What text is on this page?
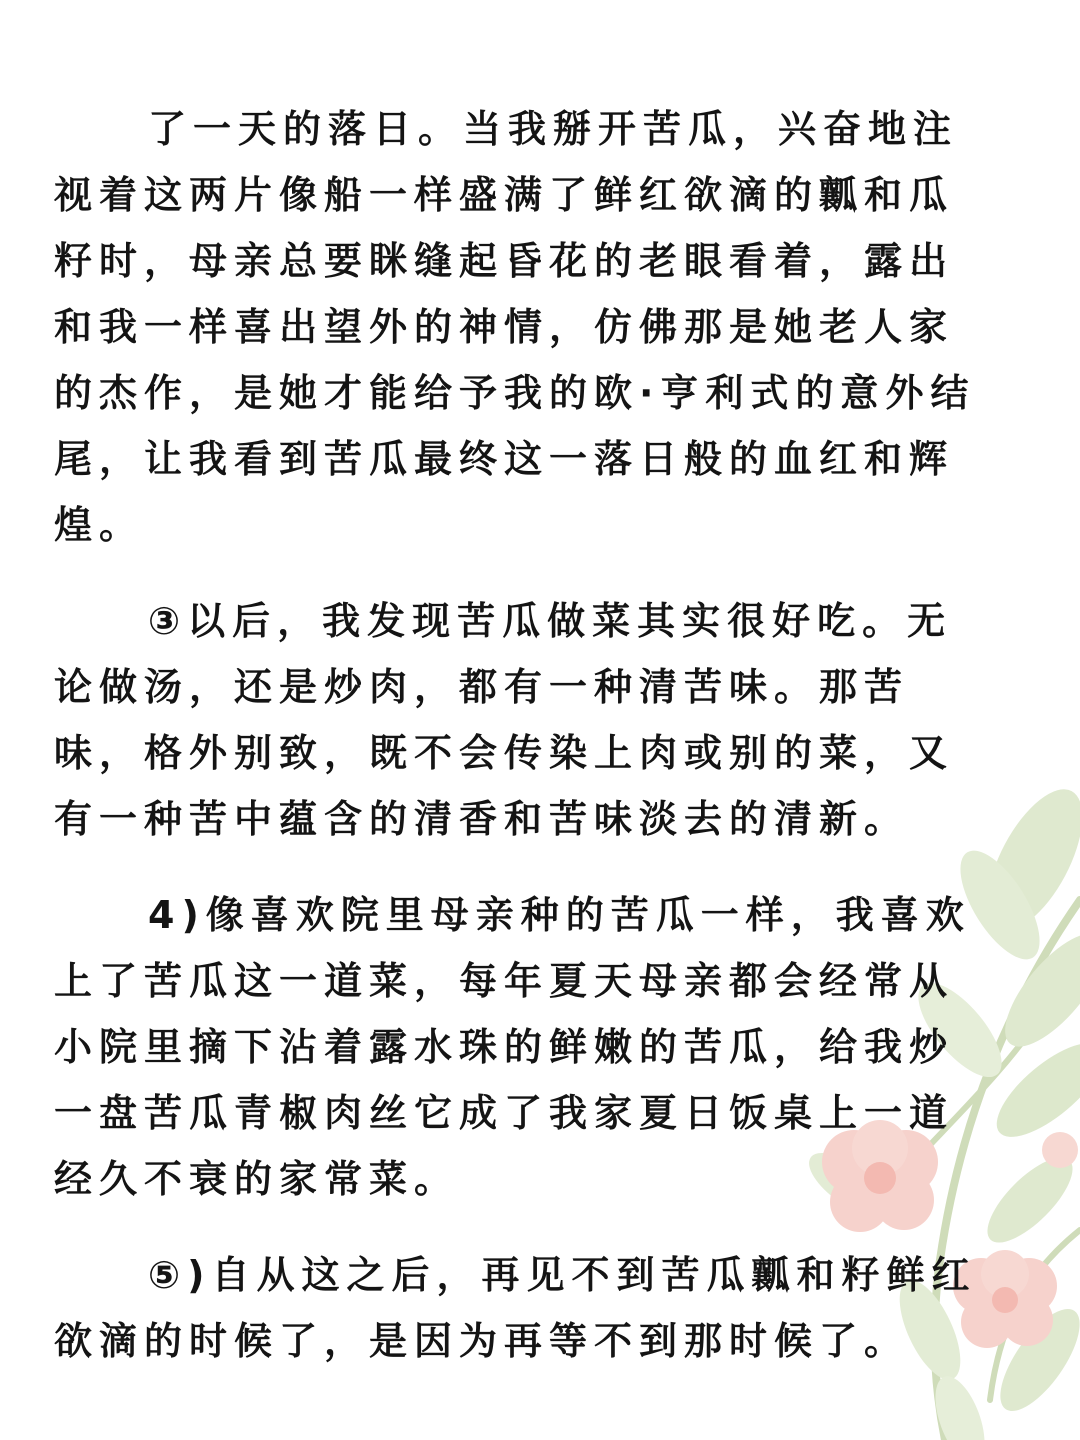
了一天的落日。当我掰开苦瓜，兴奋地注
视着这两片像船一样盛满了鲜红欲滴的瓤和瓜
籽时，母亲总要眯缝起昏花的老眼看着，露出
和我一样喜出望外的神情，仿佛那是她老人家
的杰作，是她才能给予我的欧·亨利式的意外结
尾，让我看到苦瓜最终这一落日般的血红和辉
煌。
③以后，我发现苦瓜做菜其实很好吃。无
论做汤，还是炒肉，都有一种清苦味。那苦
味，格外别致，既不会传染上肉或别的菜，又
有一种苦中蕴含的清香和苦味淡去的清新。
4)像喜欢院里母亲种的苦瓜一样，我喜欢
上了苦瓜这一道菜，每年夏天母亲都会经常从
小院里摘下沾着露水珠的鲜嫩的苦瓜，给我炒
一盘苦瓜青椒肉丝它成了我家夏日饭桌上一道
经久不衰的家常菜。
⑤)自从这之后，再见不到苦瓜瓤和籽鲜红
欲滴的时候了，是因为再等不到那时候了。
